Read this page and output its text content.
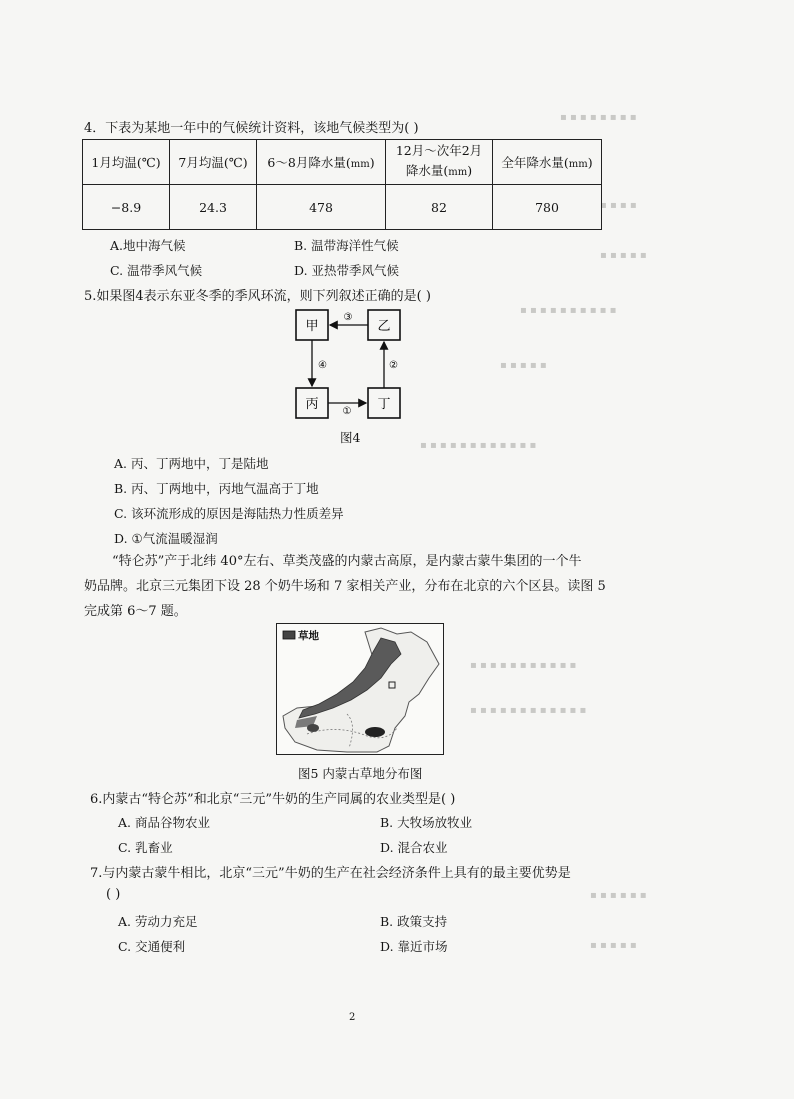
▪ ▪ ▪ ▪ ▪ ▪ ▪ ▪
▪ ▪ ▪ ▪
▪ ▪ ▪ ▪ ▪
▪ ▪ ▪ ▪ ▪ ▪ ▪ ▪ ▪ ▪
▪ ▪ ▪ ▪ ▪
▪ ▪ ▪ ▪ ▪ ▪ ▪ ▪ ▪ ▪ ▪ ▪
▪ ▪ ▪ ▪ ▪ ▪ ▪ ▪ ▪ ▪ ▪
▪ ▪ ▪ ▪ ▪ ▪ ▪ ▪ ▪ ▪ ▪ ▪
▪ ▪ ▪ ▪ ▪ ▪
▪ ▪ ▪ ▪ ▪
4．下表为某地一年中的气候统计资料，该地气候类型为( )
1月均温(℃)	7月均温(℃)	6～8月降水量(mm)	12月～次年2月
降水量(mm)	全年降水量(mm)
−8.9	24.3	478	82	780
A.地中海气候	B. 温带海洋性气候
C. 温带季风气候	D. 亚热带季风气候
5.如果图4表示东亚冬季的季风环流，则下列叙述正确的是( )
甲	乙
丙	丁
③
④
①
②
图4
A. 丙、丁两地中，丁是陆地
B. 丙、丁两地中，丙地气温高于丁地
C. 该环流形成的原因是海陆热力性质差异
D. ①气流温暖湿润
“特仑苏”产于北纬 40°左右、草类茂盛的内蒙古高原，是内蒙古蒙牛集团的一个牛
奶品牌。北京三元集团下设 28 个奶牛场和 7 家相关产业，分布在北京的六个区县。读图 5
完成第 6～7 题。
草地
图5 内蒙古草地分布图
6.内蒙古“特仑苏”和北京“三元”牛奶的生产同属的农业类型是( )
A. 商品谷物农业	B. 大牧场放牧业
C. 乳畜业	D. 混合农业
7.与内蒙古蒙牛相比，北京“三元”牛奶的生产在社会经济条件上具有的最主要优势是
( )
A. 劳动力充足	B. 政策支持
C. 交通便利	D. 靠近市场
2
